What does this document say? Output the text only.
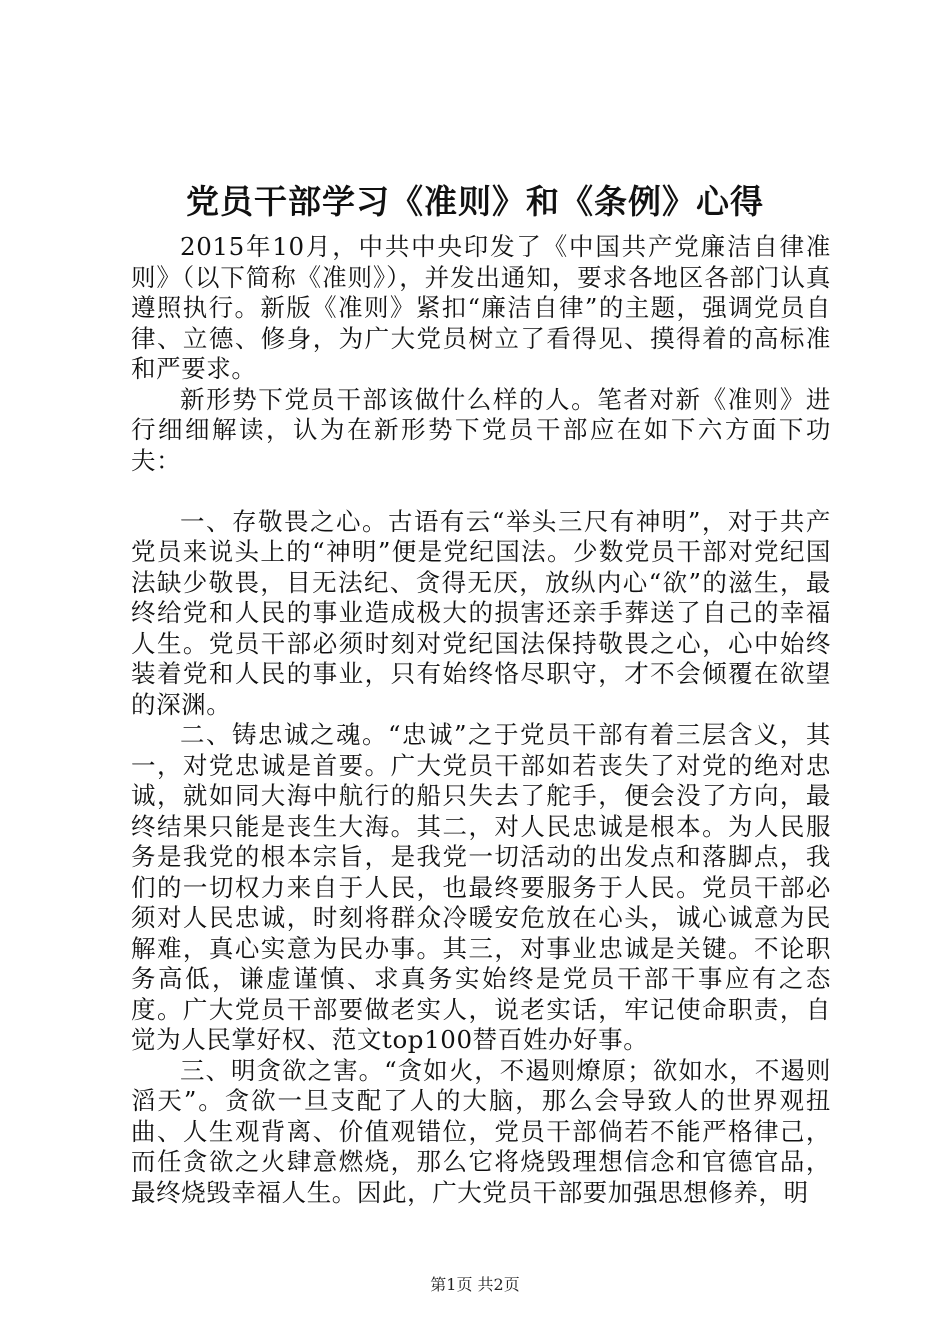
党员干部学习《准则》和《条例》心得

2015年10月，中共中央印发了《中国共产党廉洁自律准则》（以下简称《准则》），并发出通知，要求各地区各部门认真遵照执行。新版《准则》紧扣“廉洁自律”的主题，强调党员自律、立德、修身，为广大党员树立了看得见、摸得着的高标准和严要求。

新形势下党员干部该做什么样的人。笔者对新《准则》进行细细解读，认为在新形势下党员干部应在如下六方面下功夫：

一、存敬畏之心。古语有云“举头三尺有神明”，对于共产党员来说头上的“神明”便是党纪国法。少数党员干部对党纪国法缺少敬畏，目无法纪、贪得无厌，放纵内心“欲”的滋生，最终给党和人民的事业造成极大的损害还亲手葬送了自己的幸福人生。党员干部必须时刻对党纪国法保持敬畏之心，心中始终装着党和人民的事业，只有始终恪尽职守，才不会倾覆在欲望的深渊。

二、铸忠诚之魂。“忠诚”之于党员干部有着三层含义，其一，对党忠诚是首要。广大党员干部如若丧失了对党的绝对忠诚，就如同大海中航行的船只失去了舵手，便会没了方向，最终结果只能是丧生大海。其二，对人民忠诚是根本。为人民服务是我党的根本宗旨，是我党一切活动的出发点和落脚点，我们的一切权力来自于人民，也最终要服务于人民。党员干部必须对人民忠诚，时刻将群众冷暖安危放在心头，诚心诚意为民解难，真心实意为民办事。其三，对事业忠诚是关键。不论职务高低，谦虚谨慎、求真务实始终是党员干部干事应有之态度。广大党员干部要做老实人，说老实话，牢记使命职责，自觉为人民掌好权、范文top100替百姓办好事。

三、明贪欲之害。“贪如火，不遏则燎原；欲如水，不遏则滔天”。贪欲一旦支配了人的大脑，那么会导致人的世界观扭曲、人生观背离、价值观错位，党员干部倘若不能严格律己，而任贪欲之火肆意燃烧，那么它将烧毁理想信念和官德官品，最终烧毁幸福人生。因此，广大党员干部要加强思想修养，明

第1页 共2页
